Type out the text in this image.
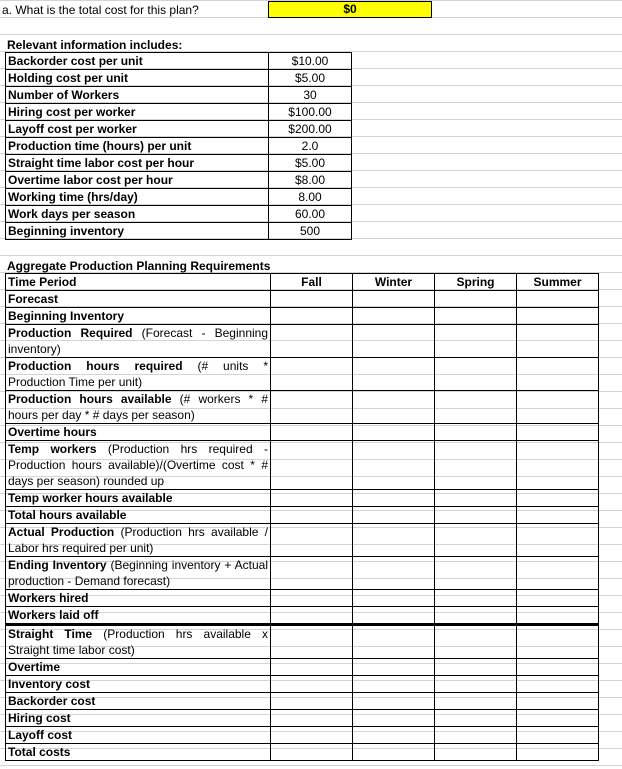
a. What is the total cost for this plan?	$0
Relevant information includes:
Backorder cost per unit	$10.00
Holding cost per unit	$5.00
Number of Workers	30
Hiring cost per worker	$100.00
Layoff cost per worker	$200.00
Production time (hours) per unit	2.0
Straight time labor cost per hour	$5.00
Overtime labor cost per hour	$8.00
Working time (hrs/day)	8.00
Work days per season	60.00
Beginning inventory	500
Aggregate Production Planning Requirements
Time Period	Fall	Winter	Spring	Summer
Forecast				
Beginning Inventory				
Production Required (Forecast - Beginning inventory)				
Production hours required (# units * Production Time per unit)				
Production hours available (# workers * # hours per day * # days per season)				
Overtime hours				
Temp workers (Production hrs required - Production hours available)/(Overtime cost * # days per season) rounded up				
Temp worker hours available				
Total hours available				
Actual Production (Production hrs available / Labor hrs required per unit)				
Ending Inventory (Beginning inventory + Actual production - Demand forecast)				
Workers hired				
Workers laid off				
Straight Time (Production hrs available x Straight time labor cost)				
Overtime				
Inventory cost				
Backorder cost				
Hiring cost				
Layoff cost				
Total costs				
